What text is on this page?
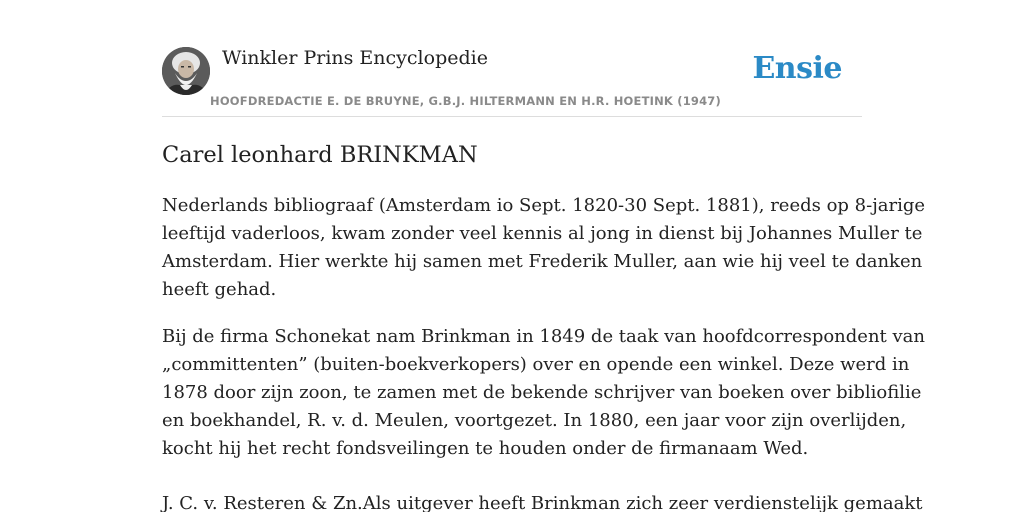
Winkler Prins Encyclopedie
HOOFDREDACTIE E. DE BRUYNE, G.B.J. HILTERMANN EN H.R. HOETINK (1947)
Ensie
Carel leonhard BRINKMAN

Nederlands bibliograaf (Amsterdam io Sept. 1820-30 Sept. 1881), reeds op 8-jarige
leeftijd vaderloos, kwam zonder veel kennis al jong in dienst bij Johannes Muller te
Amsterdam. Hier werkte hij samen met Frederik Muller, aan wie hij veel te danken
heeft gehad.

Bij de firma Schonekat nam Brinkman in 1849 de taak van hoofdcorrespondent van
„committenten” (buiten-boekverkopers) over en opende een winkel. Deze werd in
1878 door zijn zoon, te zamen met de bekende schrijver van boeken over bibliofilie
en boekhandel, R. v. d. Meulen, voortgezet. In 1880, een jaar voor zijn overlijden,
kocht hij het recht fondsveilingen te houden onder de firmanaam Wed.

J. C. v. Resteren & Zn.Als uitgever heeft Brinkman zich zeer verdienstelijk gemaakt
